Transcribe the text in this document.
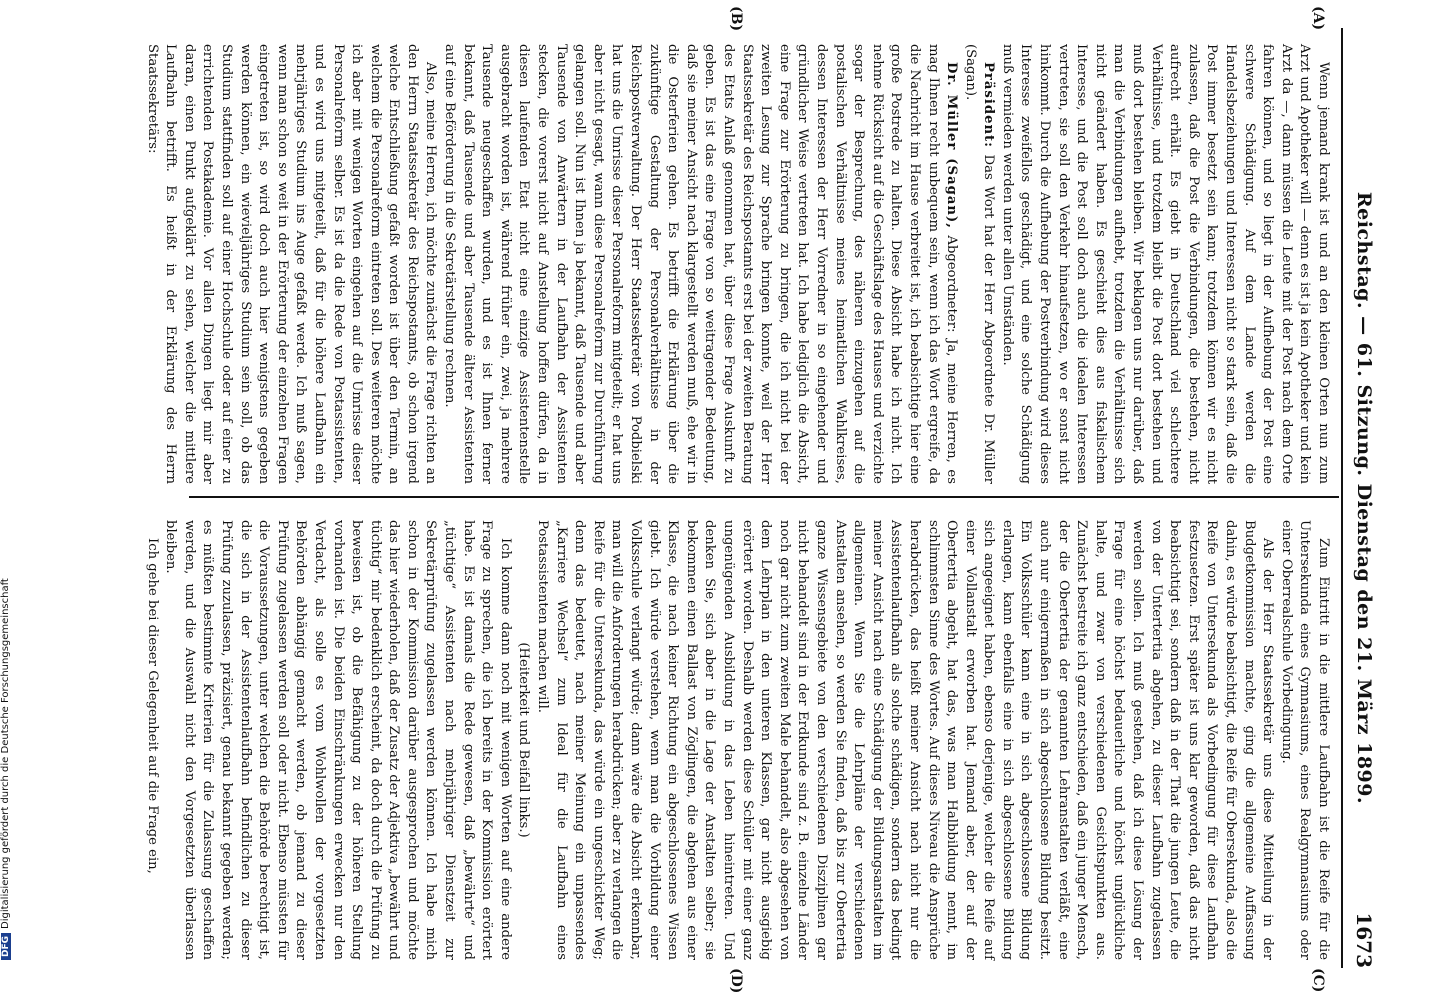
Reichstag. — 61. Sitzung. Dienstag den 21. März 1899.
1673
(A)
(B)
(C)
(D)

Wenn jemand krank ist und an den kleinen Orten nun zum Arzt und Apotheker will — denn es ist ja kein Apotheker und kein Arzt da —, dann müssen die Leute mit der Post nach dem Orte fahren können, und so liegt in der Aufhebung der Post eine schwere Schädigung. Auf dem Lande werden die Handelsbeziehungen und Interessen nicht so stark sein, daß die Post immer besetzt sein kann; trotzdem können wir es nicht zulassen, daß die Post die Verbindungen, die bestehen, nicht aufrecht erhält. Es giebt in Deutschland viel schlechtere Verhältnisse, und trotzdem bleibt die Post dort bestehen und muß dort bestehen bleiben. Wir beklagen uns nur darüber, daß man die Verbindungen aufhebt, trotzdem die Verhältnisse sich nicht geändert haben. Es geschieht dies aus fiskalischem Interesse, und die Post soll doch auch die idealen Interessen vertreten, sie soll den Verkehr hinaufsetzen, wo er sonst nicht hinkommt. Durch die Aufhebung der Postverbindung wird dieses Interesse zweifellos geschädigt, und eine solche Schädigung muß vermieden werden unter allen Umständen.

Präsident: Das Wort hat der Herr Abgeordnete Dr. Müller (Sagan).

Dr. Müller (Sagan), Abgeordneter: Ja, meine Herren, es mag Ihnen recht unbequem sein, wenn ich das Wort ergreife, da die Nachricht im Hause verbreitet ist, ich beabsichtige hier eine große Postrede zu halten. Diese Absicht habe ich nicht. Ich nehme Rücksicht auf die Geschäftslage des Hauses und verzichte sogar der Besprechung, des näheren einzugehen auf die postalischen Verhältnisse meines heimatlichen Wahlkreises, dessen Interessen der Herr Vorredner in so eingehender und gründlicher Weise vertreten hat. Ich habe lediglich die Absicht, eine Frage zur Erörterung zu bringen, die ich nicht bei der zweiten Lesung zur Sprache bringen konnte, weil der Herr Staatssekretär des Reichspostamts erst bei der zweiten Beratung des Etats Anlaß genommen hat, über diese Frage Auskunft zu geben. Es ist das eine Frage von so weitragender Bedeutung, daß sie meiner Ansicht nach klargestellt werden muß, ehe wir in die Osterferien gehen. Es betrifft die Erklärung über die zukünftige Gestaltung der Personalverhältnisse in der Reichspostverwaltung. Der Herr Staatssekretär von Podbielski hat uns die Umrisse dieser Personalreform mitgeteilt; er hat uns aber nicht gesagt, wann diese Personalreform zur Durchführung gelangen soll. Nun ist Ihnen ja bekannt, daß Tausende und aber Tausende von Anwärtern in der Laufbahn der Assistenten stecken, die vorerst nicht auf Anstellung hoffen dürfen, da in diesen laufenden Etat nicht eine einzige Assistentenstelle ausgebracht worden ist, während früher ein, zwei, ja mehrere Tausende neugeschaffen wurden, und es ist Ihnen ferner bekannt, daß Tausende und aber Tausende älterer Assistenten auf eine Beförderung in die Sekretärstellung rechnen.

Also, meine Herren, ich möchte zunächst die Frage richten an den Herrn Staatssekretär des Reichspostamts, ob schon irgend welche Entschließung gefaßt worden ist über den Termin, an welchem die Personalreform eintreten soll. Des weiteren möchte ich aber mit wenigen Worten eingehen auf die Umrisse dieser Personalreform selber. Es ist da die Rede von Postassistenten, und es wird uns mitgeteilt, daß für die höhere Laufbahn ein mehrjähriges Studium ins Auge gefaßt werde. Ich muß sagen, wenn man schon so weit in der Erörterung der einzelnen Fragen eingetreten ist, so wird doch auch hier wenigstens gegeben werden können, ein wievieljähriges Studium sein soll, ob das Studium stattfinden soll auf einer Hochschule oder auf einer zu errichtenden Postakademie. Vor allen Dingen liegt mir aber daran, einen Punkt aufgeklärt zu sehen, welcher die mittlere Laufbahn betrifft. Es heißt in der Erklärung des Herrn Staatssekretärs:

Zum Eintritt in die mittlere Laufbahn ist die Reife für die Untersekunda eines Gymnasiums, eines Realgymnasiums oder einer Oberrealschule Vorbedingung.

Als der Herr Staatssekretär uns diese Mitteilung in der Budgetkommission machte, ging die allgemeine Auffassung dahin, es würde beabsichtigt, die Reife für Obersekunda, also die Reife von Untersekunda als Vorbedingung für diese Laufbahn festzusetzen. Erst später ist uns klar geworden, daß das nicht beabsichtigt sei, sondern daß in der That die jungen Leute, die von der Untertertia abgehen, zu dieser Laufbahn zugelassen werden sollen. Ich muß gestehen, daß ich diese Lösung der Frage für eine höchst bedauerliche und höchst unglückliche halte, und zwar von verschiedenen Gesichtspunkten aus. Zunächst bestreite ich ganz entschieden, daß ein junger Mensch, der die Obertertia der genannten Lehranstalten verläßt, eine auch nur einigermaßen in sich abgeschlossene Bildung besitzt. Ein Volksschüler kann eine in sich abgeschlossene Bildung erlangen, kann ebenfalls eine in sich abgeschlossene Bildung sich angeeignet haben, ebenso derjenige, welcher die Reife auf einer Vollanstalt erworben hat. Jemand aber, der auf der Obertertia abgeht, hat das, was man Halbbildung nennt, im schlimmsten Sinne des Wortes. Auf dieses Niveau die Ansprüche herabdrücken, das heißt meiner Ansicht nach nicht nur die Assistentenlaufbahn als solche schädigen, sondern das bedingt meiner Ansicht nach eine Schädigung der Bildungsanstalten im allgemeinen. Wenn Sie die Lehrpläne der verschiedenen Anstalten ansehen, so werden Sie finden, daß bis zur Obertertia ganze Wissensgebiete von den verschiedenen Disziplinen gar nicht behandelt sind in der Erdkunde sind z. B. einzelne Länder noch gar nicht zum zweiten Male behandelt, also abgesehen von dem Lehrplan in den unteren Klassen, gar nicht ausgiebig erörtert worden. Deshalb werden diese Schüler mit einer ganz ungenügenden Ausbildung in das Leben hineintreten. Und denken Sie, sich aber in die Lage der Anstalten selber; sie bekommen einen Ballast von Zöglingen, die abgehen aus einer Klasse, die nach keiner Richtung ein abgeschlossenes Wissen giebt. Ich würde verstehen, wenn man die Vorbildung einer Volksschule verlangt würde; dann wäre die Absicht erkennbar, man will die Anforderungen herabdrücken; aber zu verlangen die Reife für die Untersekunda, das würde ein ungeschickter Weg; denn das bedeutet, nach meiner Meinung ein unpassendes „Karriere Wechsel“ zum Ideal für die Laufbahn eines Postassistenten machen will.

(Heiterkeit und Beifall links.)

Ich komme dann noch mit wenigen Worten auf eine andere Frage zu sprechen, die ich bereits in der Kommission erörtert habe. Es ist damals die Rede gewesen, daß „bewährte“ und „tüchtige“ Assistenten nach mehrjähriger Dienstzeit zur Sekretärprüfung zugelassen werden können. Ich habe mich schon in der Kommission darüber ausgesprochen und möchte das hier wiederholen, daß der Zusatz der Adjektiva „bewährt und tüchtig“ mir bedenklich erscheint, da doch durch die Prüfung zu beweisen ist, ob die Befähigung zu der höheren Stellung vorhanden ist. Die beiden Einschränkungen erwecken nur den Verdacht, als solle es vom Wohlwollen der vorgesetzten Behörden abhängig gemacht werden, ob jemand zu dieser Prüfung zugelassen werden soll oder nicht. Ebenso müssten für die Voraussetzungen, unter welchen die Behörde berechtigt ist, die sich in der Assistentenlaufbahn befindlichen zu dieser Prüfung zuzulassen, präzisiert, genau bekannt gegeben werden; es müßten bestimmte Kriterien für die Zulassung geschaffen werden, und die Auswahl nicht den Vorgesetzten überlassen bleiben.

Ich gehe bei dieser Gelegenheit auf die Frage ein,

DFGDigitalisierung gefördert durch die Deutsche Forschungsgemeinschaft
